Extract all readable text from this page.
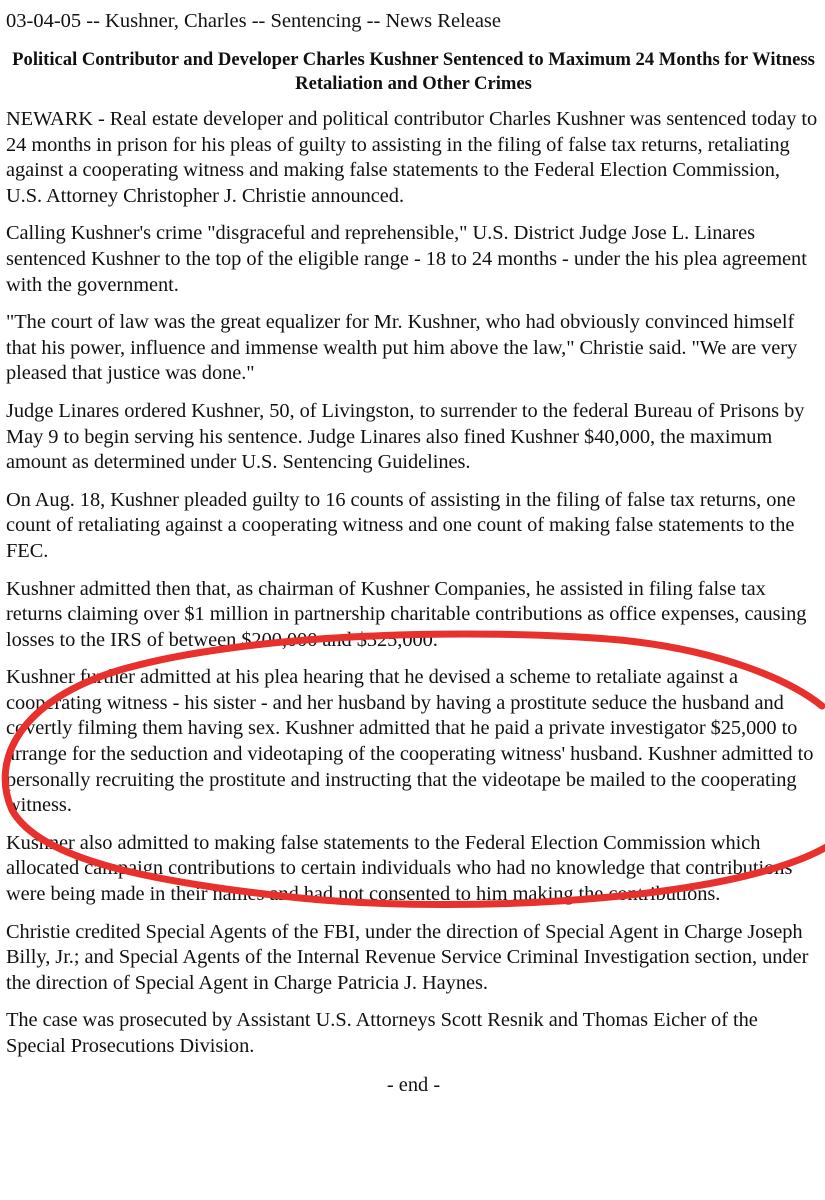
03-04-05 -- Kushner, Charles -- Sentencing -- News Release
Political Contributor and Developer Charles Kushner Sentenced to Maximum 24 Months for Witness Retaliation and Other Crimes

NEWARK - Real estate developer and political contributor Charles Kushner was sentenced today to 24 months in prison for his pleas of guilty to assisting in the filing of false tax returns, retaliating against a cooperating witness and making false statements to the Federal Election Commission, U.S. Attorney Christopher J. Christie announced.

Calling Kushner's crime "disgraceful and reprehensible," U.S. District Judge Jose L. Linares sentenced Kushner to the top of the eligible range - 18 to 24 months - under the his plea agreement with the government.

"The court of law was the great equalizer for Mr. Kushner, who had obviously convinced himself that his power, influence and immense wealth put him above the law," Christie said. "We are very pleased that justice was done."

Judge Linares ordered Kushner, 50, of Livingston, to surrender to the federal Bureau of Prisons by May 9 to begin serving his sentence. Judge Linares also fined Kushner $40,000, the maximum amount as determined under U.S. Sentencing Guidelines.

On Aug. 18, Kushner pleaded guilty to 16 counts of assisting in the filing of false tax returns, one count of retaliating against a cooperating witness and one count of making false statements to the FEC.

Kushner admitted then that, as chairman of Kushner Companies, he assisted in filing false tax returns claiming over $1 million in partnership charitable contributions as office expenses, causing losses to the IRS of between $200,000 and $325,000.

Kushner further admitted at his plea hearing that he devised a scheme to retaliate against a cooperating witness - his sister - and her husband by having a prostitute seduce the husband and covertly filming them having sex. Kushner admitted that he paid a private investigator $25,000 to arrange for the seduction and videotaping of the cooperating witness' husband. Kushner admitted to personally recruiting the prostitute and instructing that the videotape be mailed to the cooperating witness.

Kushner also admitted to making false statements to the Federal Election Commission which allocated campaign contributions to certain individuals who had no knowledge that contributions were being made in their names and had not consented to him making the contributions.

Christie credited Special Agents of the FBI, under the direction of Special Agent in Charge Joseph Billy, Jr.; and Special Agents of the Internal Revenue Service Criminal Investigation section, under the direction of Special Agent in Charge Patricia J. Haynes.

The case was prosecuted by Assistant U.S. Attorneys Scott Resnik and Thomas Eicher of the Special Prosecutions Division.

- end -
